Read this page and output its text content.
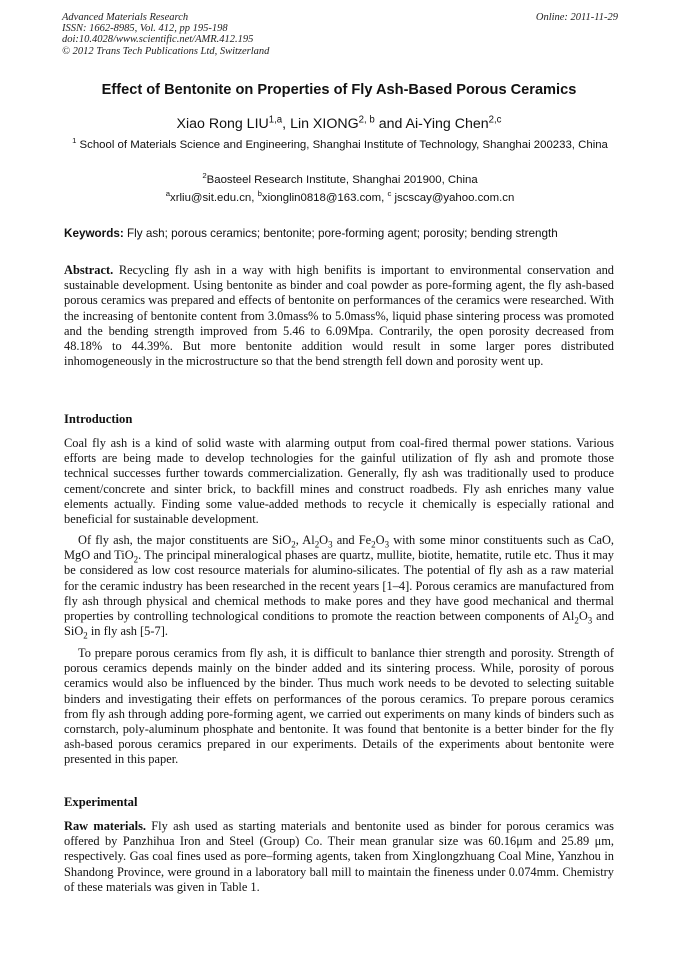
Advanced Materials Research
ISSN: 1662-8985, Vol. 412, pp 195-198
doi:10.4028/www.scientific.net/AMR.412.195
© 2012 Trans Tech Publications Ltd, Switzerland
Online: 2011-11-29
Effect of Bentonite on Properties of Fly Ash-Based Porous Ceramics
Xiao Rong LIU$^{1,a}$, Lin XIONG$^{2, b}$ and Ai-Ying Chen$^{2,c}$
$^1$ School of Materials Science and Engineering, Shanghai Institute of Technology, Shanghai 200233, China
$^2$Baosteel Research Institute, Shanghai 201900, China
$^a$xrliu@sit.edu.cn, $^b$xionglin0818@163.com, $^c$ jscscay@yahoo.com.cn
Keywords: Fly ash; porous ceramics; bentonite; pore-forming agent; porosity; bending strength
Abstract. Recycling fly ash in a way with high benifits is important to environmental conservation and sustainable development. Using bentonite as binder and coal powder as pore-forming agent, the fly ash-based porous ceramics was prepared and effects of bentonite on performances of the ceramics were researched. With the increasing of bentonite content from 3.0mass% to 5.0mass%, liquid phase sintering process was promoted and the bending strength improved from 5.46 to 6.09Mpa. Contrarily, the open porosity decreased from 48.18% to 44.39%. But more bentonite addition would result in some larger pores distributed inhomogeneously in the microstructure so that the bend strength fell down and porosity went up.
Introduction
Coal fly ash is a kind of solid waste with alarming output from coal-fired thermal power stations. Various efforts are being made to develop technologies for the gainful utilization of fly ash and promote those technical successes further towards commercialization. Generally, fly ash was traditionally used to produce cement/concrete and sinter brick, to backfill mines and construct roadbeds. Fly ash enriches many value elements actually. Finding some value-added methods to recycle it chemically is especially rational and beneficial for sustainable development.
Of fly ash, the major constituents are SiO$_2$, $Al_2O_3$ and $Fe_2O_3$ with some minor constituents such as CaO, MgO and TiO$_2$. The principal mineralogical phases are quartz, mullite, biotite, hematite, rutile etc. Thus it may be considered as low cost resource materials for alumino-silicates. The potential of fly ash as a raw material for the ceramic industry has been researched in the recent years [1–4]. Porous ceramics are manufactured from fly ash through physical and chemical methods to make pores and they have good mechanical and thermal properties by controlling technological conditions to promote the reaction between components of $Al_2O_3$ and SiO$_2$ in fly ash [5-7].
To prepare porous ceramics from fly ash, it is difficult to banlance thier strength and porosity. Strength of porous ceramics depends mainly on the binder added and its sintering process. While, porosity of porous ceramics would also be influenced by the binder. Thus much work needs to be devoted to selecting suitable binders and investigating their effets on performances of the porous ceramics. To prepare porous ceramics from fly ash through adding pore-forming agent, we carried out experiments on many kinds of binders such as cornstarch, poly-aluminum phosphate and bentonite. It was found that bentonite is a better binder for the fly ash-based porous ceramics prepared in our experiments. Details of the experiments about bentonite were presented in this paper.
Experimental
Raw materials. Fly ash used as starting materials and bentonite used as binder for porous ceramics was offered by Panzhihua Iron and Steel (Group) Co. Their mean granular size was 60.16μm and 25.89 μm, respectively. Gas coal fines used as pore–forming agents, taken from Xinglongzhuang Coal Mine, Yanzhou in Shandong Province, were ground in a laboratory ball mill to maintain the fineness under 0.074mm. Chemistry of these materials was given in Table 1.
